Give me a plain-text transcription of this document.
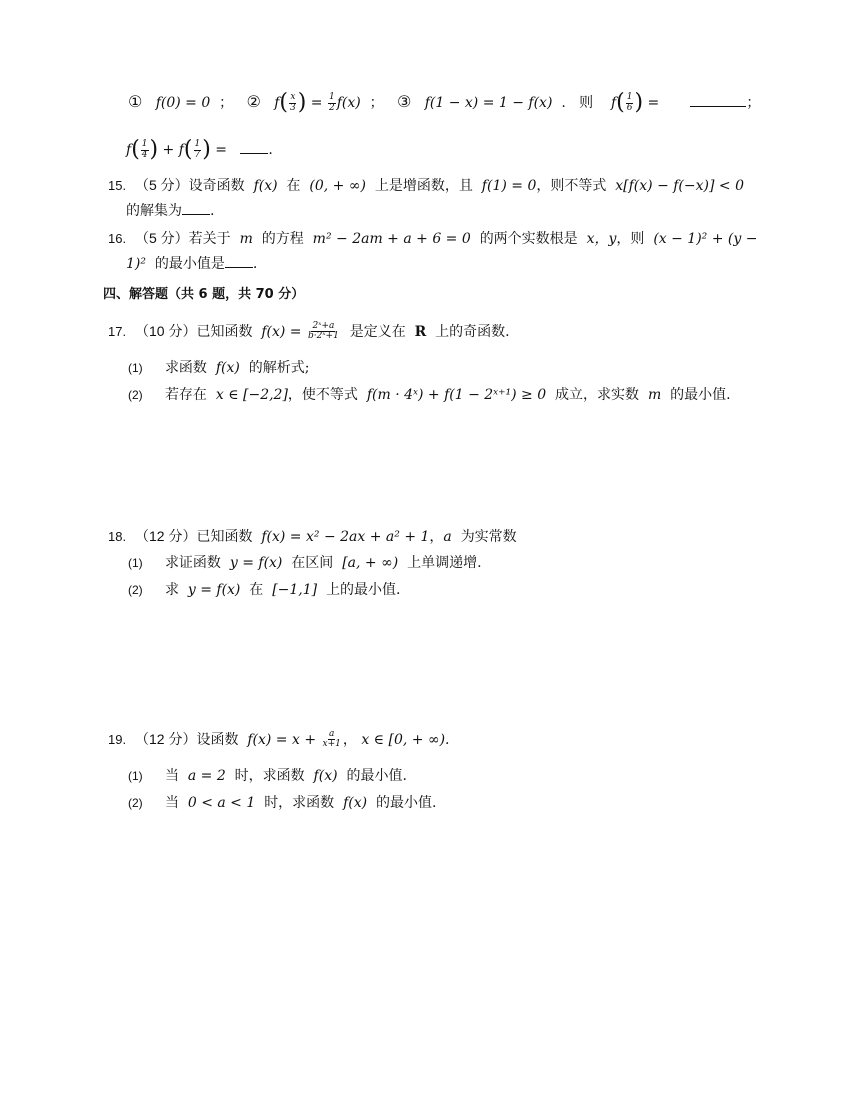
① f(0) = 0  ；   ② $f( \frac{x}{3}$ ) = $\frac{1}{2} f(x)$  ；   ③ f(1 − x) = 1 − f(x)  .   则 $f( \frac{1}{6}$ ) =	；
$f( \frac{1}{4}$ ) + $f( \frac{1}{7}$ ) =	.
15. （5 分）设奇函数 f(x) 在 (0, + ∞) 上是增函数，且 f(1) = 0，则不等式 x[f(x) − f(−x)] < 0
的解集为 .
16. （5 分）若关于 m 的方程 m² − 2am + a + 6 = 0 的两个实数根是 x，y，则 (x − 1)² + (y −
1)² 的最小值是 .
四、解答题（共 6 题，共 70 分）
17. （10 分）已知函数 $f(x) = \frac{\text{2ˣ+a}}{\text{b·2ˣ+1}}$ 是定义在 R 上的奇函数.
(1) 求函数 f(x) 的解析式;
(2) 若存在 x ∈ [−2,2]，使不等式 f(m · 4ˣ) + f(1 − 2ˣ⁺¹) ≥ 0 成立，求实数 m 的最小值.
18. （12 分）已知函数 f(x) = x² − 2ax + a² + 1，a 为实常数
(1) 求证函数 y = f(x) 在区间 [a, + ∞) 上单调递增.
(2) 求 y = f(x) 在 [−1,1] 上的最小值.
19. （12 分）设函数 $f(x) = x + \frac{a}{x+1}$ ， x ∈ [0, + ∞).
(1) 当 a = 2 时，求函数 f(x) 的最小值.
(2) 当 0 < a < 1 时，求函数 f(x) 的最小值.
